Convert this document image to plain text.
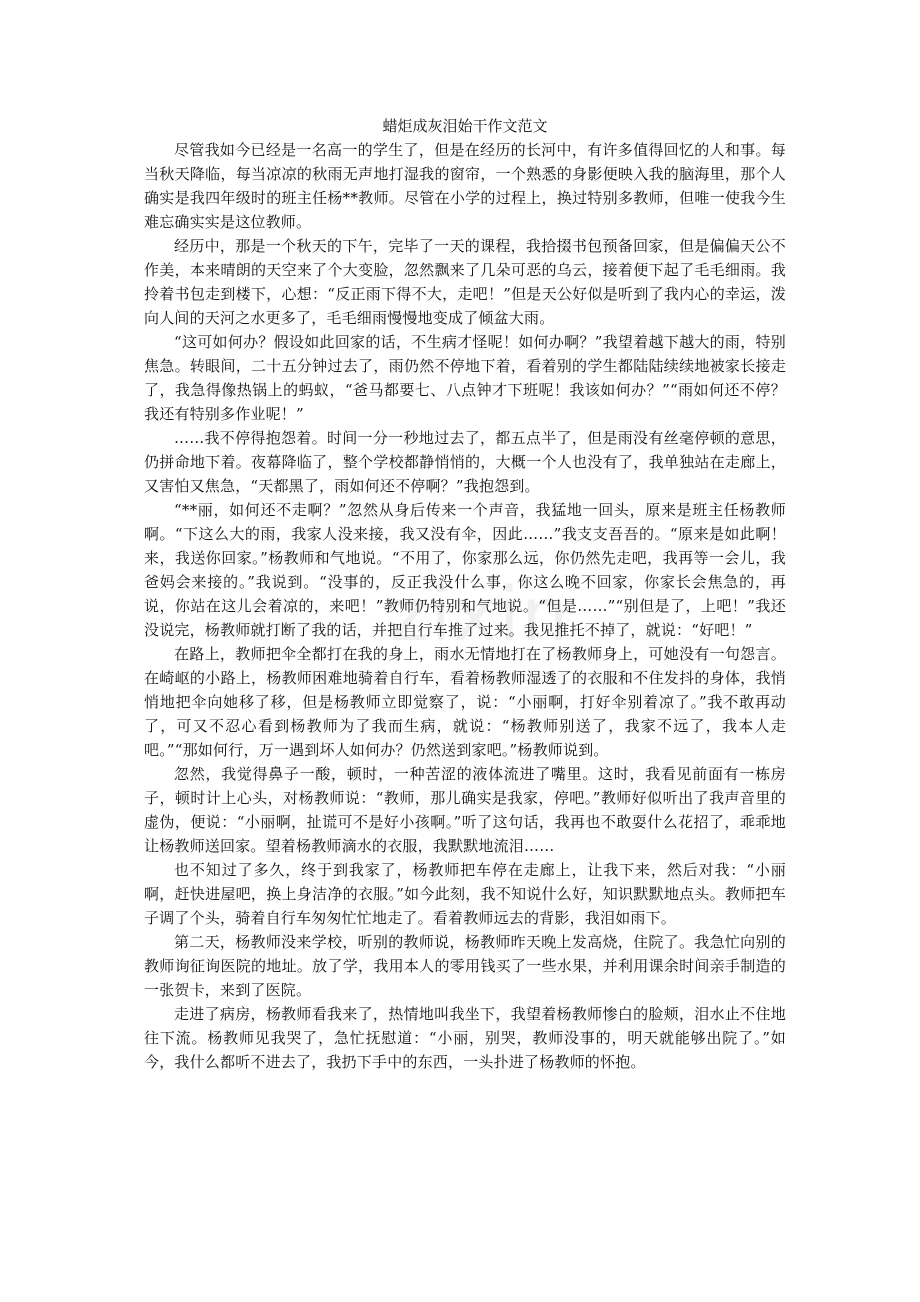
zixin

蜡炬成灰泪始干作文范文

尽管我如今已经是一名高一的学生了，但是在经历的长河中，有许多值得回忆的人和事。每当秋天降临，每当凉凉的秋雨无声地打湿我的窗帘，一个熟悉的身影便映入我的脑海里，那个人确实是我四年级时的班主任杨**教师。尽管在小学的过程上，换过特别多教师，但唯一使我今生难忘确实实是这位教师。

经历中，那是一个秋天的下午，完毕了一天的课程，我拾掇书包预备回家，但是偏偏天公不作美，本来晴朗的天空来了个大变脸，忽然飘来了几朵可恶的乌云，接着便下起了毛毛细雨。我拎着书包走到楼下，心想：“反正雨下得不大，走吧！”但是天公好似是听到了我内心的幸运，泼向人间的天河之水更多了，毛毛细雨慢慢地变成了倾盆大雨。

“这可如何办？假设如此回家的话，不生病才怪呢！如何办啊？”我望着越下越大的雨，特别焦急。转眼间，二十五分钟过去了，雨仍然不停地下着，看着别的学生都陆陆续续地被家长接走了，我急得像热锅上的蚂蚁，“爸马都要七、八点钟才下班呢！我该如何办？”“雨如何还不停？我还有特别多作业呢！”

……我不停得抱怨着。时间一分一秒地过去了，都五点半了，但是雨没有丝毫停顿的意思，仍拼命地下着。夜幕降临了，整个学校都静悄悄的，大概一个人也没有了，我单独站在走廊上，又害怕又焦急，“天都黑了，雨如何还不停啊？”我抱怨到。

“**丽，如何还不走啊？”忽然从身后传来一个声音，我猛地一回头，原来是班主任杨教师啊。“下这么大的雨，我家人没来接，我又没有伞，因此……”我支支吾吾的。“原来是如此啊！来，我送你回家。”杨教师和气地说。“不用了，你家那么远，你仍然先走吧，我再等一会儿，我爸妈会来接的。”我说到。“没事的，反正我没什么事，你这么晚不回家，你家长会焦急的，再说，你站在这儿会着凉的，来吧！”教师仍特别和气地说。“但是……”“别但是了，上吧！”我还没说完，杨教师就打断了我的话，并把自行车推了过来。我见推托不掉了，就说：“好吧！”

在路上，教师把伞全都打在我的身上，雨水无情地打在了杨教师身上，可她没有一句怨言。在崎岖的小路上，杨教师困难地骑着自行车，看着杨教师湿透了的衣服和不住发抖的身体，我悄悄地把伞向她移了移，但是杨教师立即觉察了，说：“小丽啊，打好伞别着凉了。”我不敢再动了，可又不忍心看到杨教师为了我而生病，就说：“杨教师别送了，我家不远了，我本人走吧。”“那如何行，万一遇到坏人如何办？仍然送到家吧。”杨教师说到。

忽然，我觉得鼻子一酸，顿时，一种苦涩的液体流进了嘴里。这时，我看见前面有一栋房子，顿时计上心头，对杨教师说：“教师，那儿确实是我家，停吧。”教师好似听出了我声音里的虚伪，便说：“小丽啊，扯谎可不是好小孩啊。”听了这句话，我再也不敢耍什么花招了，乖乖地让杨教师送回家。望着杨教师滴水的衣服，我默默地流泪……

也不知过了多久，终于到我家了，杨教师把车停在走廊上，让我下来，然后对我：“小丽啊，赶快进屋吧，换上身洁净的衣服。”如今此刻，我不知说什么好，知识默默地点头。教师把车子调了个头，骑着自行车匆匆忙忙地走了。看着教师远去的背影，我泪如雨下。

第二天，杨教师没来学校，听别的教师说，杨教师昨天晚上发高烧，住院了。我急忙向别的教师询征询医院的地址。放了学，我用本人的零用钱买了一些水果，并利用课余时间亲手制造的一张贺卡，来到了医院。

走进了病房，杨教师看我来了，热情地叫我坐下，我望着杨教师惨白的脸颊，泪水止不住地往下流。杨教师见我哭了，急忙抚慰道：“小丽，别哭，教师没事的，明天就能够出院了。”如今，我什么都听不进去了，我扔下手中的东西，一头扑进了杨教师的怀抱。
